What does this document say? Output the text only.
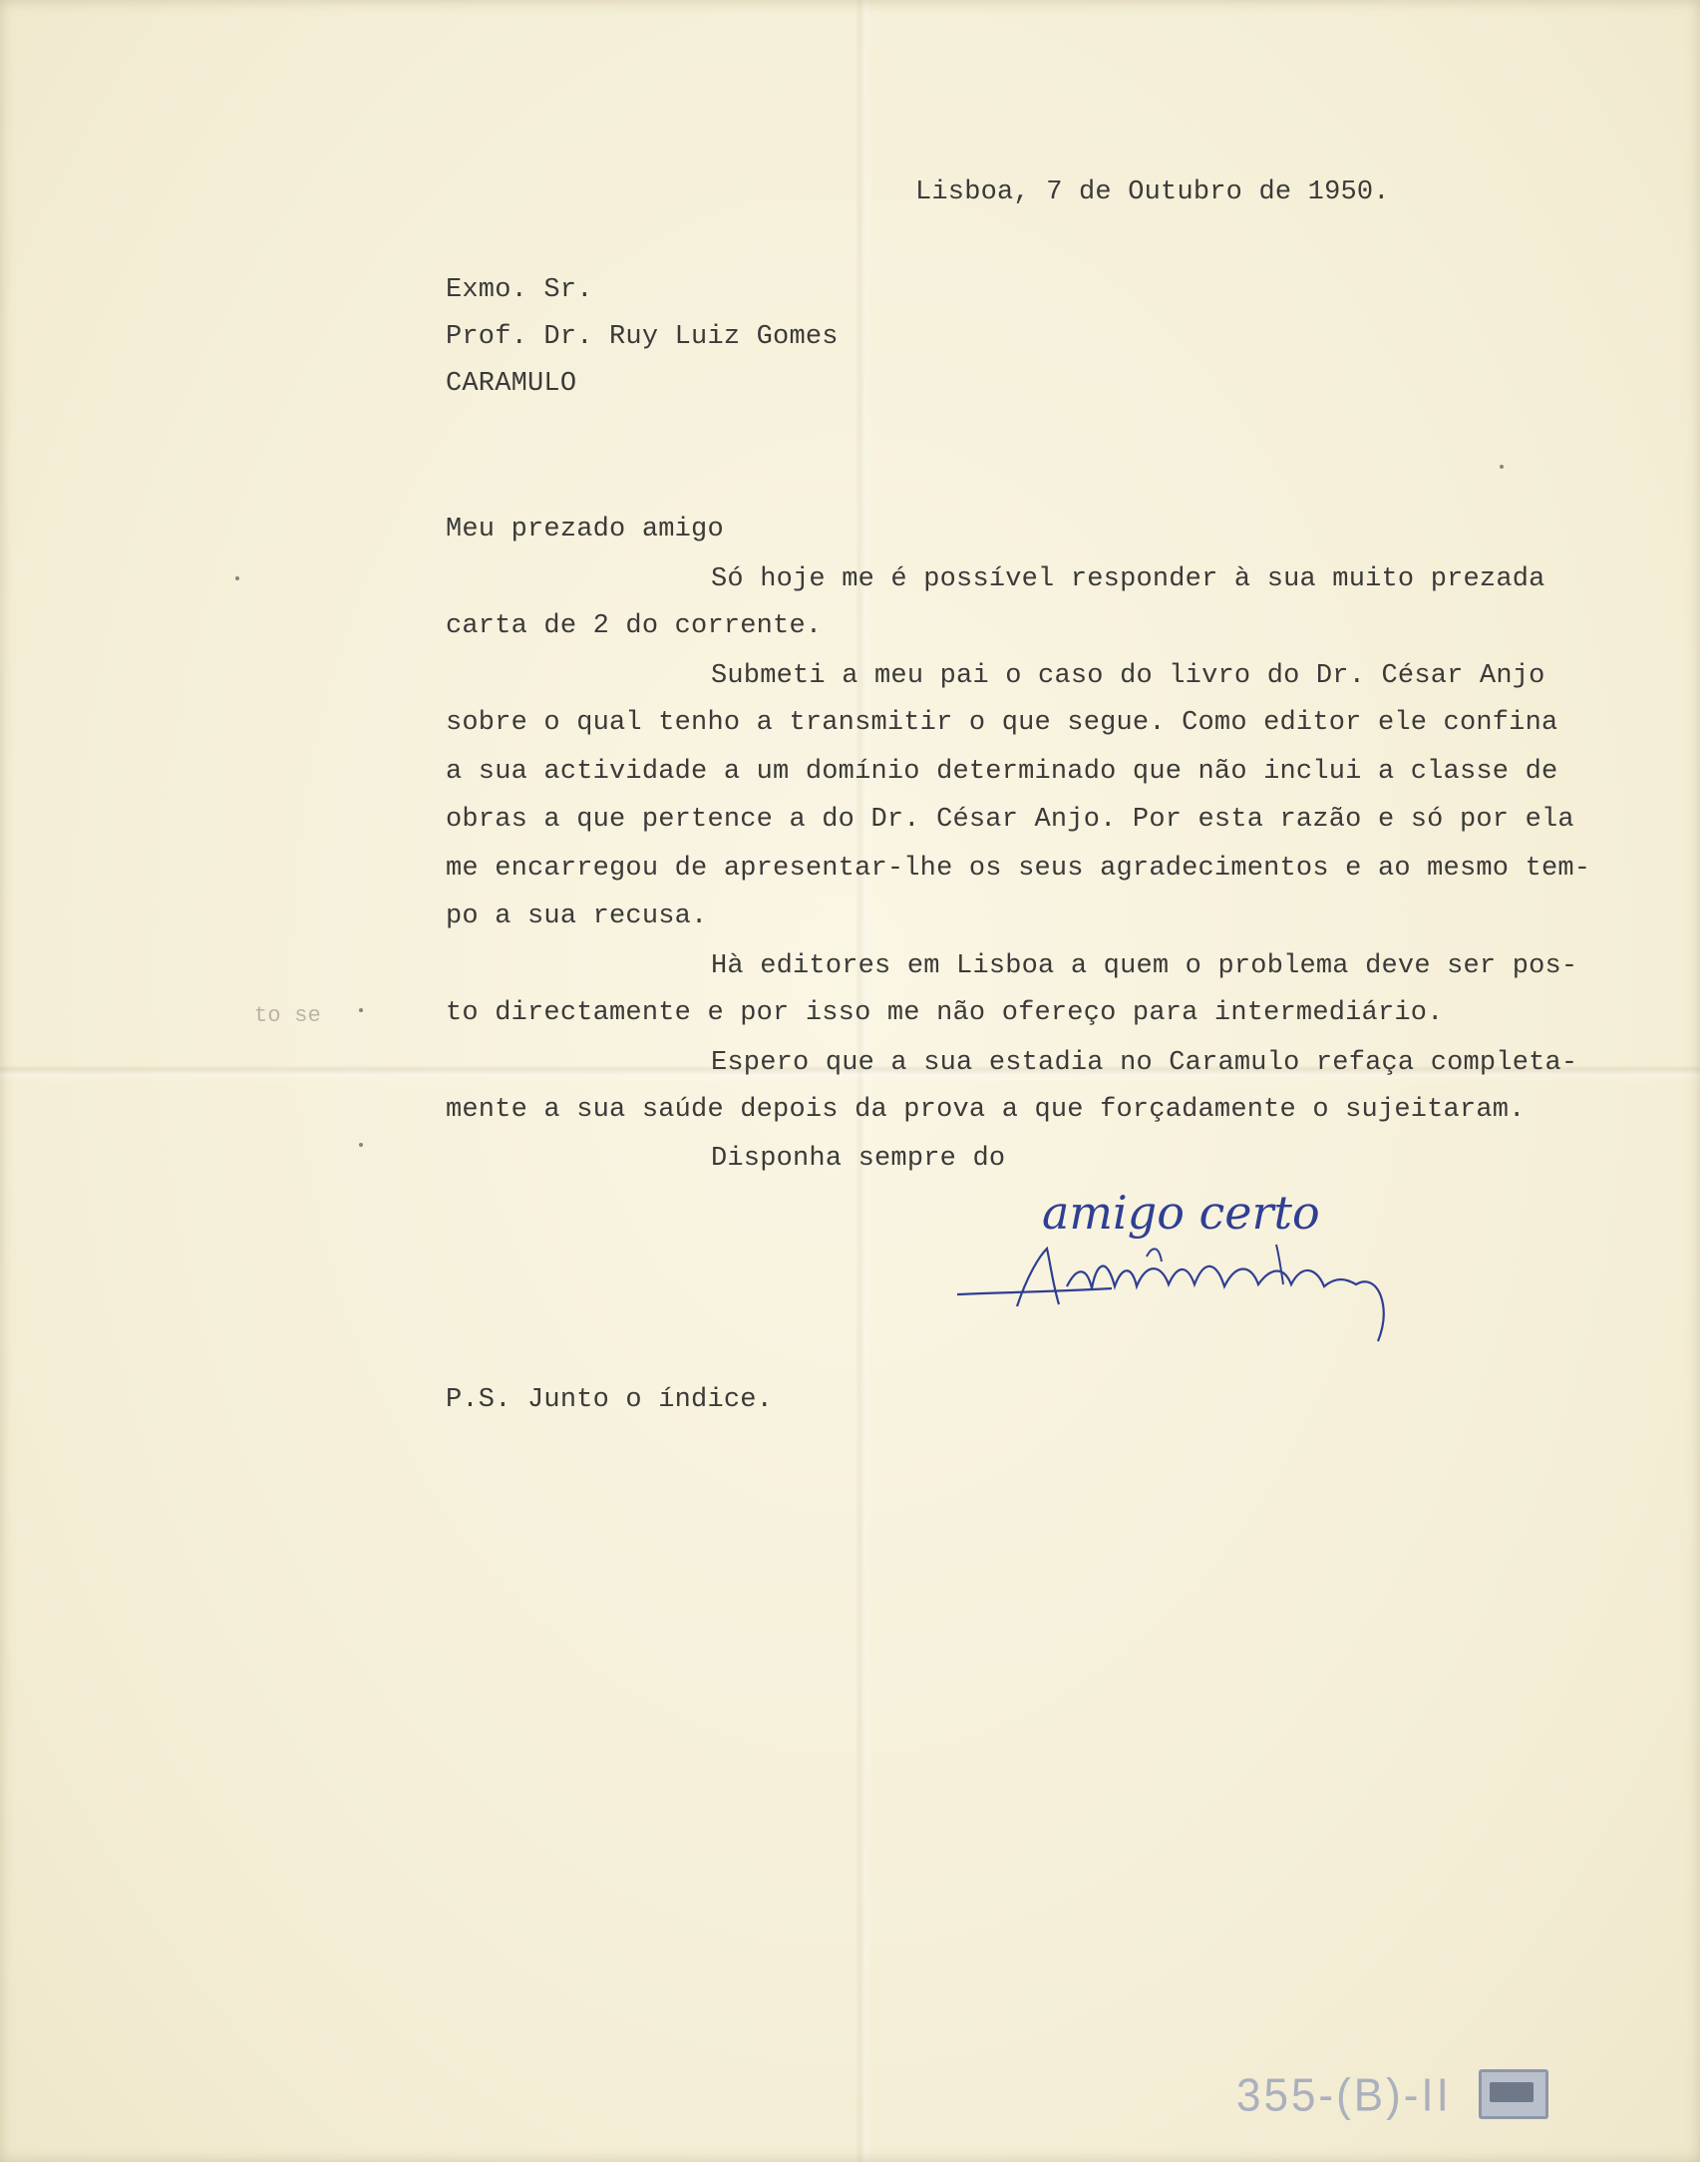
Lisboa, 7 de Outubro de 1950.
Exmo. Sr.
Prof. Dr. Ruy Luiz Gomes
CARAMULO
Meu prezado amigo
Só hoje me é possível responder à sua muito prezada
carta de 2 do corrente.
Submeti a meu pai o caso do livro do Dr. César Anjo
sobre o qual tenho a transmitir o que segue. Como editor ele confina
a sua actividade a um domínio determinado que não inclui a classe de
obras a que pertence a do Dr. César Anjo. Por esta razão e só por ela
me encarregou de apresentar-lhe os seus agradecimentos e ao mesmo tem-
po a sua recusa.
Hà editores em Lisboa a quem o problema deve ser pos-
to directamente e por isso me não ofereço para intermediário.
Espero que a sua estadia no Caramulo refaça completa-
mente a sua saúde depois da prova a que forçadamente o sujeitaram.
Disponha sempre do
to se
amigo certo
P.S. Junto o índice.
355-(B)-II
